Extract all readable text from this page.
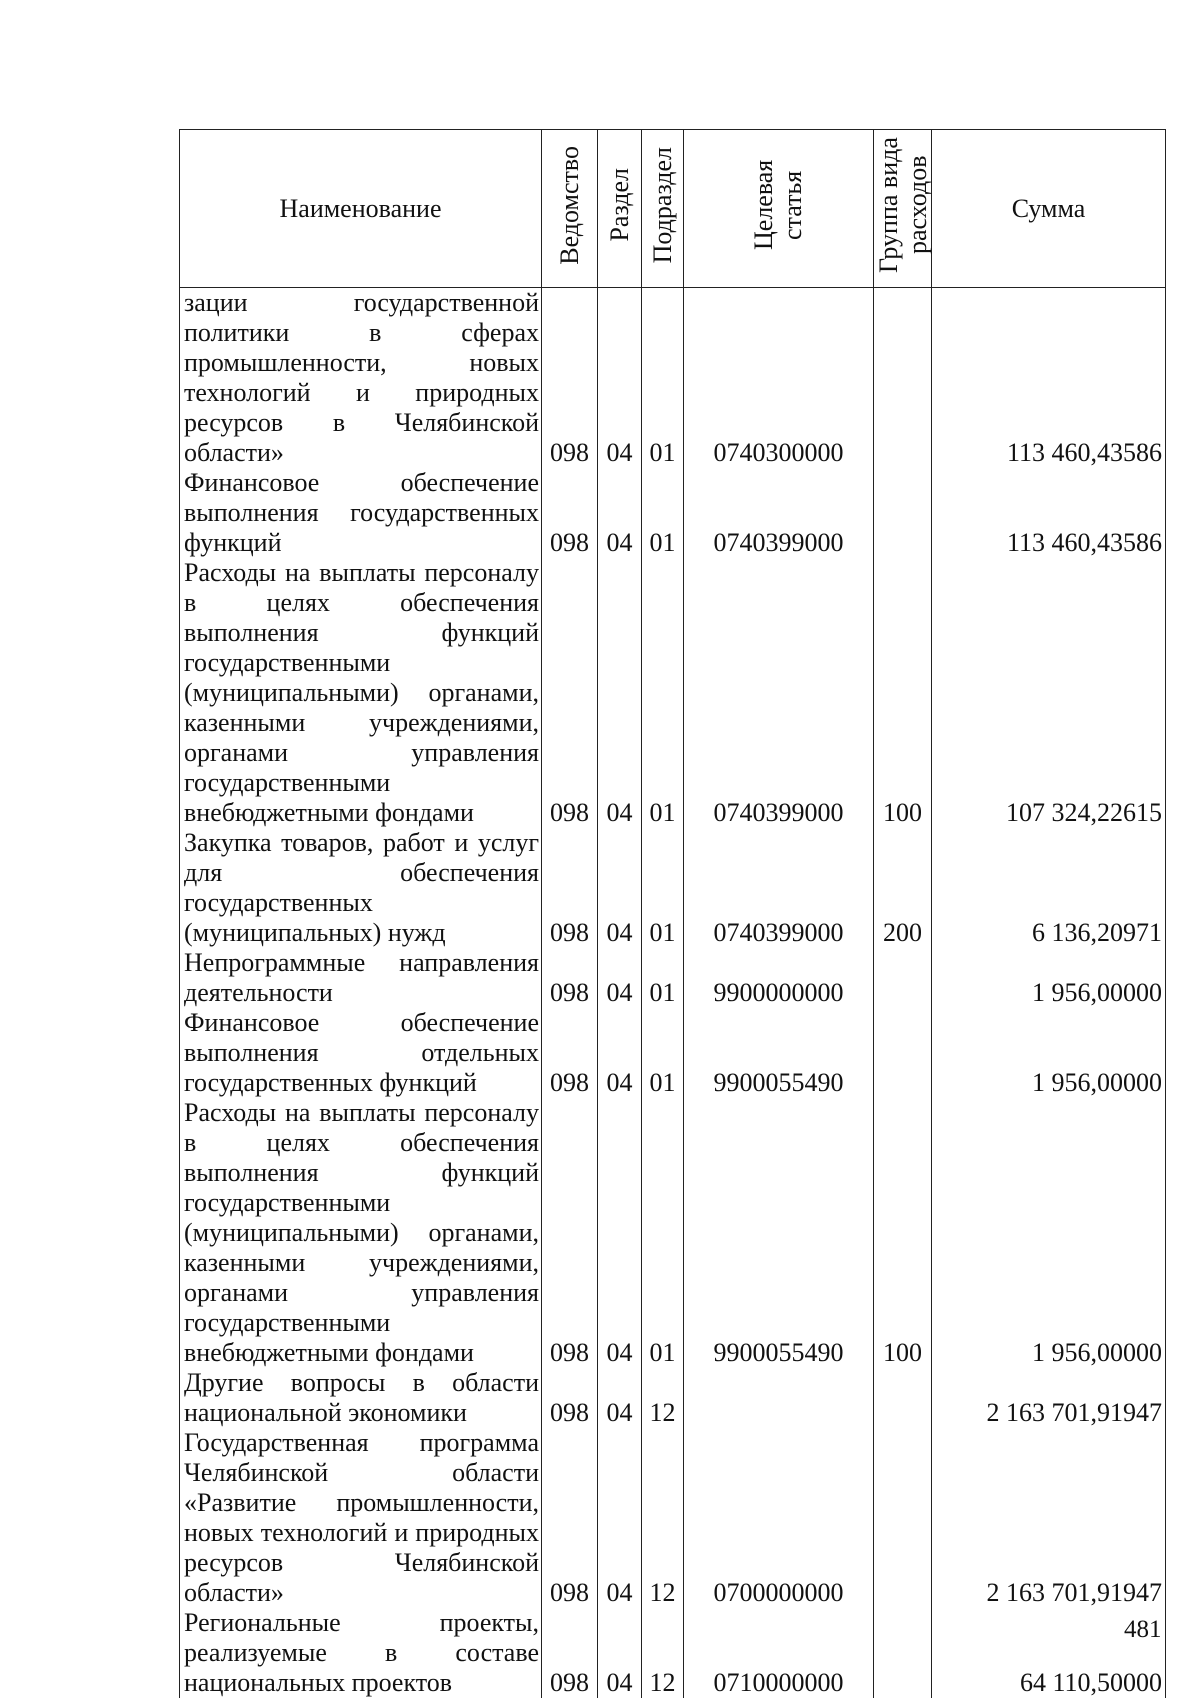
Наименование	Ведомство	Раздел	Подраздел	Целевая статья	Группа вида расходов	Сумма
зации государственной политики в сферах промышленности, новых технологий и природных ресурсов в Челябинской области»	098	04	01	0740300000		113 460,43586
Финансовое обеспечение выполнения государственных функций	098	04	01	0740399000		113 460,43586
Расходы на выплаты персоналу в целях обеспечения выполнения функций государственными (муниципальными) органами, казенными учреждениями, органами управления государственными внебюджетными фондами	098	04	01	0740399000	100	107 324,22615
Закупка товаров, работ и услуг для обеспечения государственных (муниципальных) нужд	098	04	01	0740399000	200	6 136,20971
Непрограммные направления деятельности	098	04	01	9900000000		1 956,00000
Финансовое обеспечение выполнения отдельных государственных функций	098	04	01	9900055490		1 956,00000
Расходы на выплаты персоналу в целях обеспечения выполнения функций государственными (муниципальными) органами, казенными учреждениями, органами управления государственными внебюджетными фондами	098	04	01	9900055490	100	1 956,00000
Другие вопросы в области национальной экономики	098	04	12			2 163 701,91947
Государственная программа Челябинской области «Развитие промышленности, новых технологий и природных ресурсов Челябинской области»	098	04	12	0700000000		2 163 701,91947
Региональные проекты, реализуемые в составе национальных проектов	098	04	12	0710000000		64 110,50000
481
